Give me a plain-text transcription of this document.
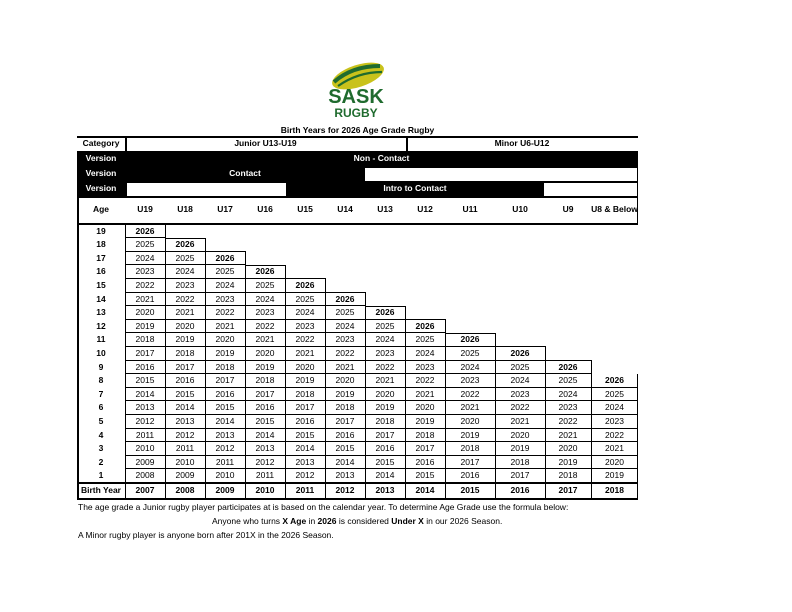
SASK
RUGBY
Birth Years for 2026 Age Grade Rugby
Category	Junior U13-U19	Minor U6-U12
Version	Non - Contact
Version	Contact
Version	Intro to Contact
Age	U19	U18	U17	U16	U15	U14	U13	U12	U11	U10	U9	U8 & Below
19	2026
18	2025	2026
17	2024	2025	2026
16	2023	2024	2025	2026
15	2022	2023	2024	2025	2026
14	2021	2022	2023	2024	2025	2026
13	2020	2021	2022	2023	2024	2025	2026
12	2019	2020	2021	2022	2023	2024	2025	2026
11	2018	2019	2020	2021	2022	2023	2024	2025	2026
10	2017	2018	2019	2020	2021	2022	2023	2024	2025	2026
9	2016	2017	2018	2019	2020	2021	2022	2023	2024	2025	2026
8	2015	2016	2017	2018	2019	2020	2021	2022	2023	2024	2025	2026
7	2014	2015	2016	2017	2018	2019	2020	2021	2022	2023	2024	2025
6	2013	2014	2015	2016	2017	2018	2019	2020	2021	2022	2023	2024
5	2012	2013	2014	2015	2016	2017	2018	2019	2020	2021	2022	2023
4	2011	2012	2013	2014	2015	2016	2017	2018	2019	2020	2021	2022
3	2010	2011	2012	2013	2014	2015	2016	2017	2018	2019	2020	2021
2	2009	2010	2011	2012	2013	2014	2015	2016	2017	2018	2019	2020
1	2008	2009	2010	2011	2012	2013	2014	2015	2016	2017	2018	2019
Birth Year	2007	2008	2009	2010	2011	2012	2013	2014	2015	2016	2017	2018
The age grade a Junior rugby player participates at is based on the calendar year. To determine Age Grade use the formula below:
Anyone who turns X Age in 2026 is considered Under X in our 2026 Season.
A Minor rugby player is anyone born after 201X in the 2026 Season.
